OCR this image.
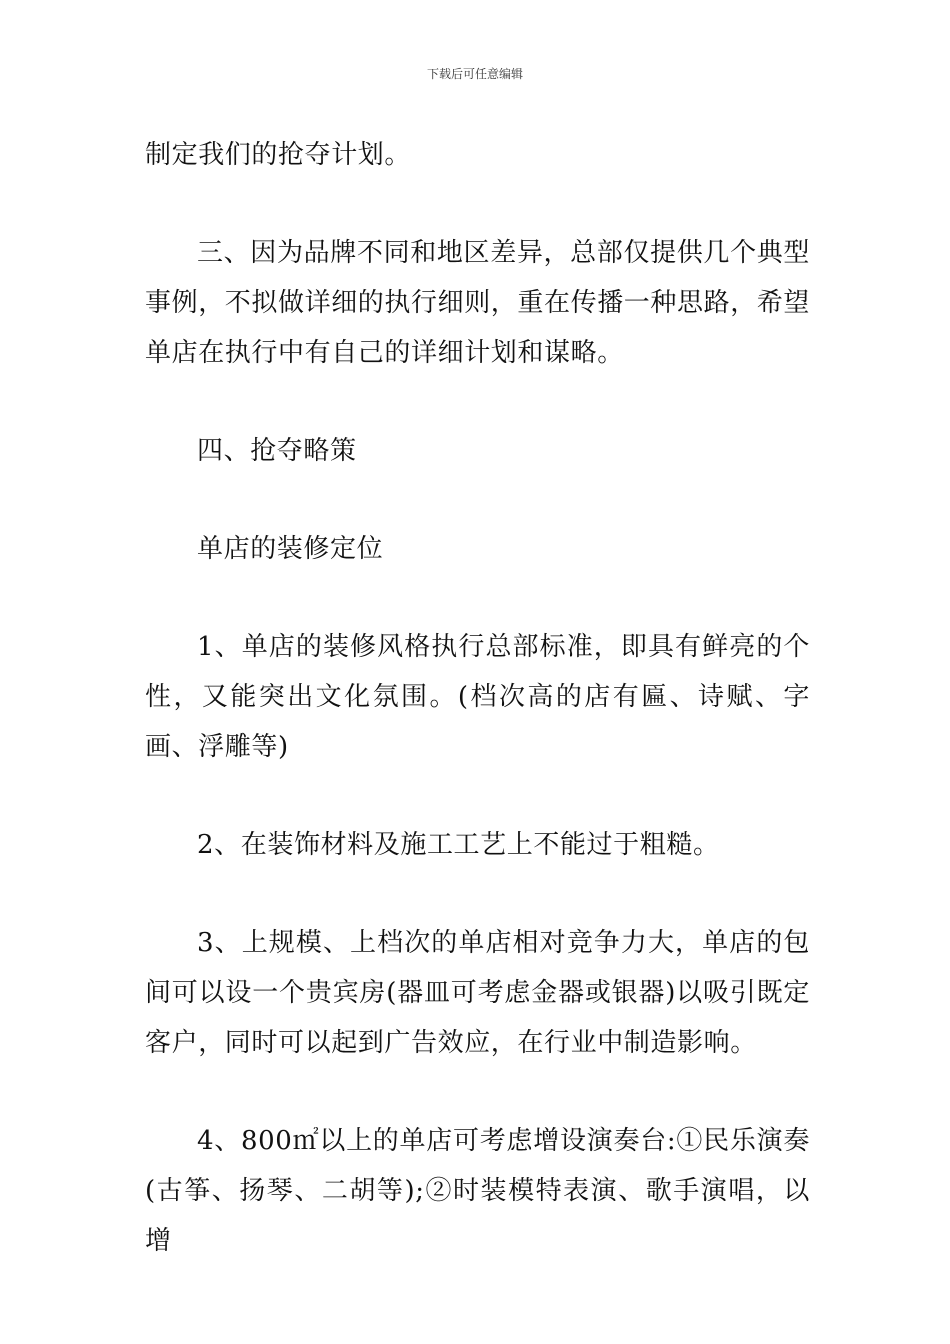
下载后可任意编辑

制定我们的抢夺计划。

三、因为品牌不同和地区差异，总部仅提供几个典型事例，不拟做详细的执行细则，重在传播一种思路，希望单店在执行中有自己的详细计划和谋略。

四、抢夺略策

单店的装修定位

1、单店的装修风格执行总部标准，即具有鲜亮的个性，又能突出文化氛围。(档次高的店有匾、诗赋、字画、浮雕等)

2、在装饰材料及施工工艺上不能过于粗糙。

3、上规模、上档次的单店相对竞争力大，单店的包间可以设一个贵宾房(器皿可考虑金器或银器)以吸引既定客户，同时可以起到广告效应，在行业中制造影响。

4、800㎡以上的单店可考虑增设演奏台:①民乐演奏(古筝、扬琴、二胡等);②时装模特表演、歌手演唱，以增
